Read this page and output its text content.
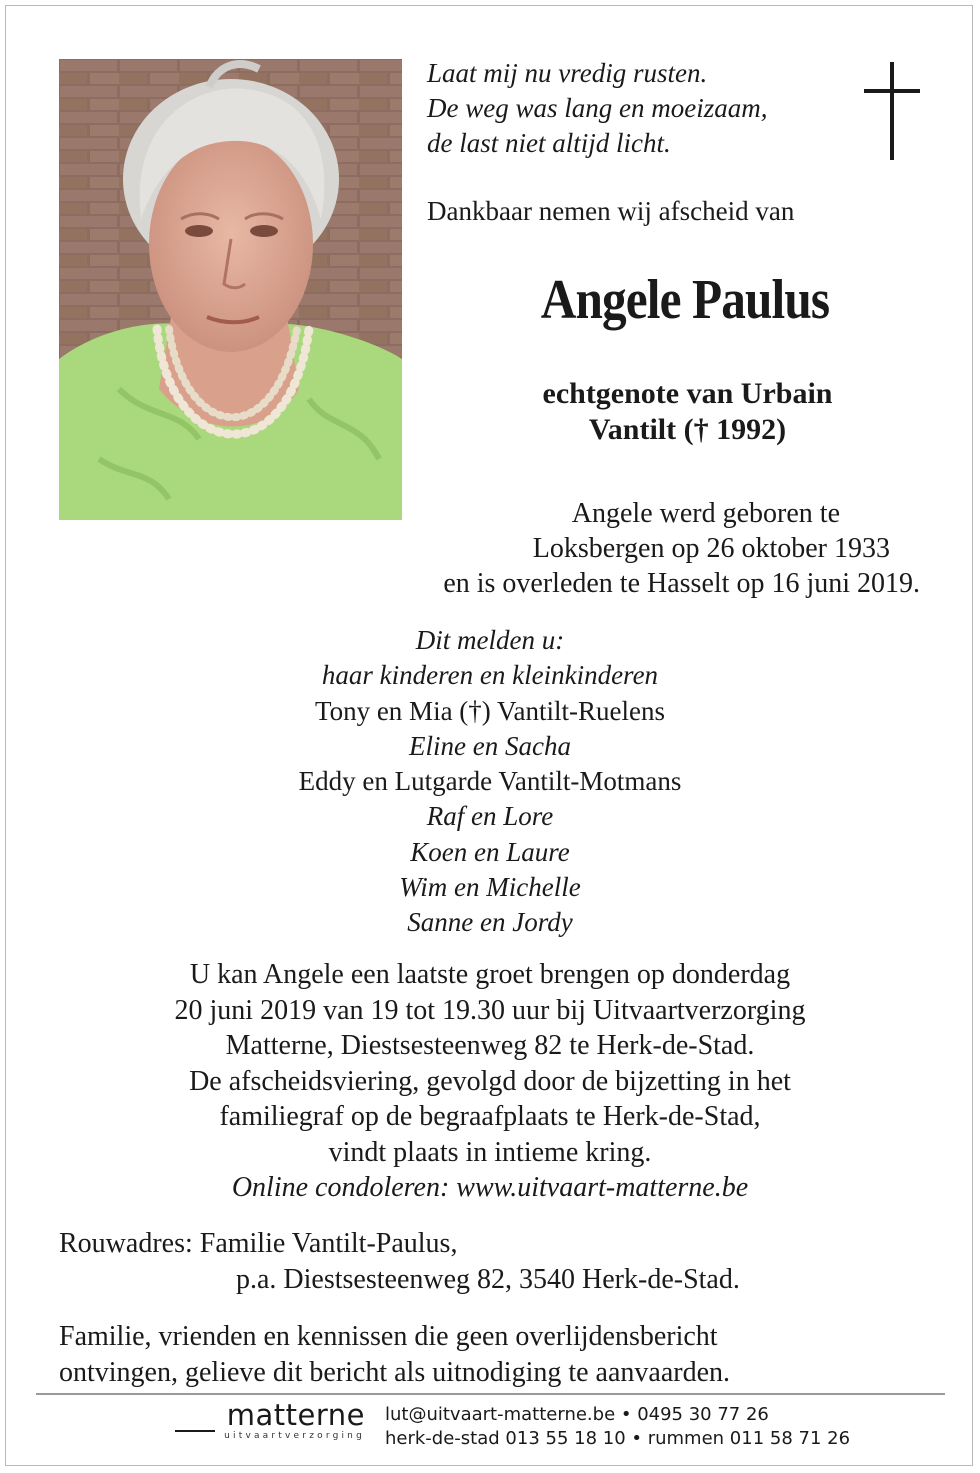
Laat mij nu vredig rusten.
De weg was lang en moeizaam,
de last niet altijd licht.
Dankbaar nemen wij afscheid van
Angele Paulus
echtgenote van Urbain
Vantilt († 1992)
Angele werd geboren te
Loksbergen op 26 oktober 1933
en is overleden te Hasselt op 16 juni 2019.
Dit melden u:
haar kinderen en kleinkinderen
Tony en Mia (†) Vantilt-Ruelens
Eline en Sacha
Eddy en Lutgarde Vantilt-Motmans
Raf en Lore
Koen en Laure
Wim en Michelle
Sanne en Jordy
U kan Angele een laatste groet brengen op donderdag
20 juni 2019 van 19 tot 19.30 uur bij Uitvaartverzorging
Matterne, Diestsesteenweg 82 te Herk-de-Stad.
De afscheidsviering, gevolgd door de bijzetting in het
familiegraf op de begraafplaats te Herk-de-Stad,
vindt plaats in intieme kring.
Online condoleren: www.uitvaart-matterne.be
Rouwadres: Familie Vantilt-Paulus,
p.a. Diestsesteenweg 82, 3540 Herk-de-Stad.
Familie, vrienden en kennissen die geen overlijdensbericht
ontvingen, gelieve dit bericht als uitnodiging te aanvaarden.
matterne
uitvaartverzorging
lut@uitvaart-matterne.be • 0495 30 77 26
herk-de-stad 013 55 18 10 • rummen 011 58 71 26
